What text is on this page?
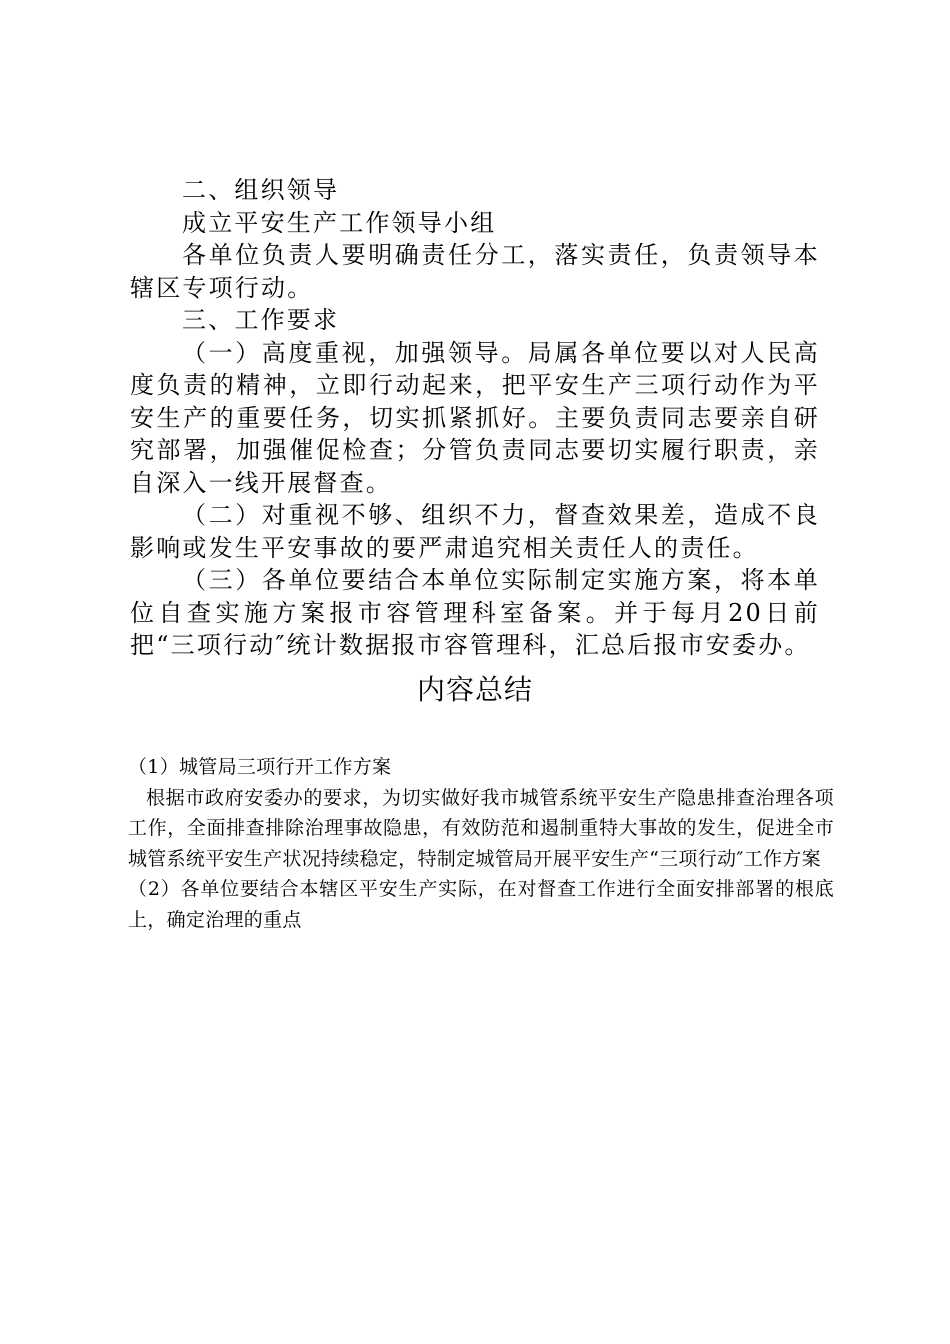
二、组织领导

成立平安生产工作领导小组

各单位负责人要明确责任分工，落实责任，负责领导本辖区专项行动。

三、工作要求

（一）高度重视，加强领导。局属各单位要以对人民高度负责的精神，立即行动起来，把平安生产三项行动作为平安生产的重要任务，切实抓紧抓好。主要负责同志要亲自研究部署，加强催促检查；分管负责同志要切实履行职责，亲自深入一线开展督查。

（二）对重视不够、组织不力，督查效果差，造成不良影响或发生平安事故的要严肃追究相关责任人的责任。

（三）各单位要结合本单位实际制定实施方案，将本单位自查实施方案报市容管理科室备案。并于每月20日前把“三项行动″统计数据报市容管理科，汇总后报市安委办。

内容总结

（1）城管局三项行开工作方案

根据市政府安委办的要求，为切实做好我市城管系统平安生产隐患排查治理各项工作，全面排查排除治理事故隐患，有效防范和遏制重特大事故的发生，促进全市城管系统平安生产状况持续稳定，特制定城管局开展平安生产“三项行动″工作方案

（2）各单位要结合本辖区平安生产实际，在对督查工作进行全面安排部署的根底上，确定治理的重点
